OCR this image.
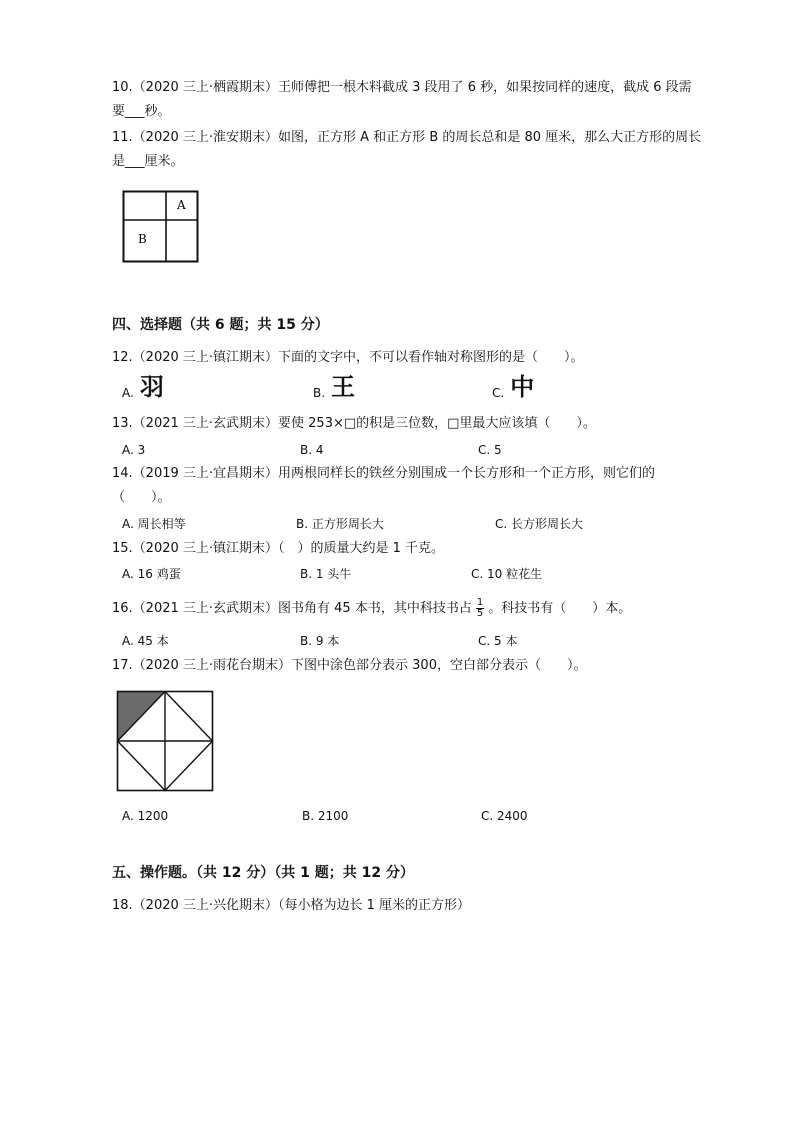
10.（2020 三上·栖霞期末）王师傅把一根木料截成 3 段用了 6 秒，如果按同样的速度，截成 6 段需
要___秒。
11.（2020 三上·淮安期末）如图，正方形 A 和正方形 B 的周长总和是 80 厘米，那么大正方形的周长
是___厘米。
A
B
四、选择题（共 6 题；共 15 分）
12.（2020 三上·镇江期末）下面的文字中，不可以看作轴对称图形的是（　　）。
A. 羽	B. 王	C. 中
13.（2021 三上·玄武期末）要使 253×□的积是三位数，□里最大应该填（　　）。
A. 3	B. 4	C. 5
14.（2019 三上·宜昌期末）用两根同样长的铁丝分别围成一个长方形和一个正方形，则它们的
（　　）。
A. 周长相等	B. 正方形周长大	C. 长方形周长大
15.（2020 三上·镇江期末）（　）的质量大约是 1 千克。
A. 16 鸡蛋	B. 1 头牛	C. 10 粒花生
16.（2021 三上·玄武期末）图书角有 45 本书，其中科技书占 $\frac{1}{5}$ 。科技书有（　　）本。
A. 45 本	B. 9 本	C. 5 本
17.（2020 三上·雨花台期末）下图中涂色部分表示 300，空白部分表示（　　）。
A. 1200	B. 2100	C. 2400
五、操作题。（共 12 分）（共 1 题；共 12 分）
18.（2020 三上·兴化期末）（每小格为边长 1 厘米的正方形）
